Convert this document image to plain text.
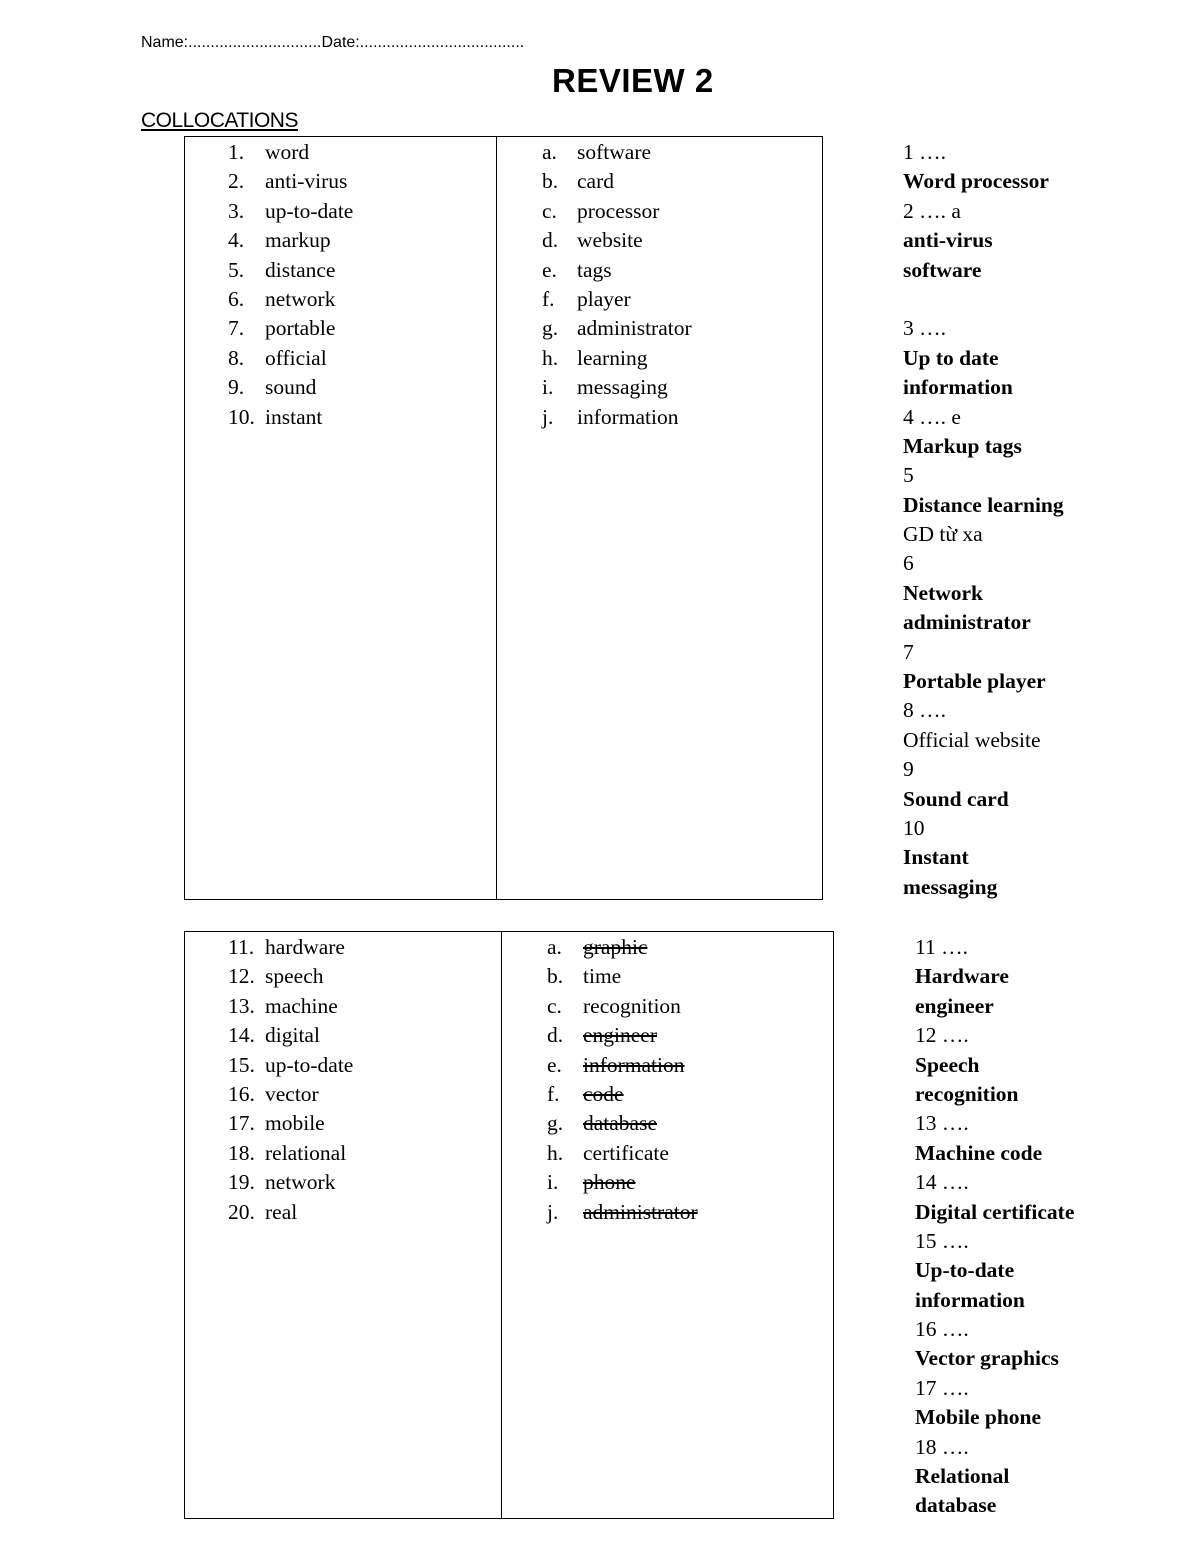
Name:..............................Date:.....................................
REVIEW 2
COLLOCATIONS
1. word
2. anti-virus
3. up-to-date
4. markup
5. distance
6. network
7. portable
8. official
9. sound
10. instant
a. software
b. card
c. processor
d. website
e. tags
f. player
g. administrator
h. learning
i. messaging
j. information
1 ….
Word processor
2 …. a
anti-virus
software
3 ….
Up to date
information
4 …. e
Markup tags
5
Distance learning
GD từ xa
6
Network
administrator
7
Portable player
8 ….
Official website
9
Sound card
10
Instant
messaging
11. hardware
12. speech
13. machine
14. digital
15. up-to-date
16. vector
17. mobile
18. relational
19. network
20. real
a. graphic
b. time
c. recognition
d. engineer
e. information
f. code
g. database
h. certificate
i. phone
j. administrator
11 ….
Hardware
engineer
12 ….
Speech
recognition
13 ….
Machine code
14 ….
Digital certificate
15 ….
Up-to-date
information
16 ….
Vector graphics
17 ….
Mobile phone
18 ….
Relational
database
